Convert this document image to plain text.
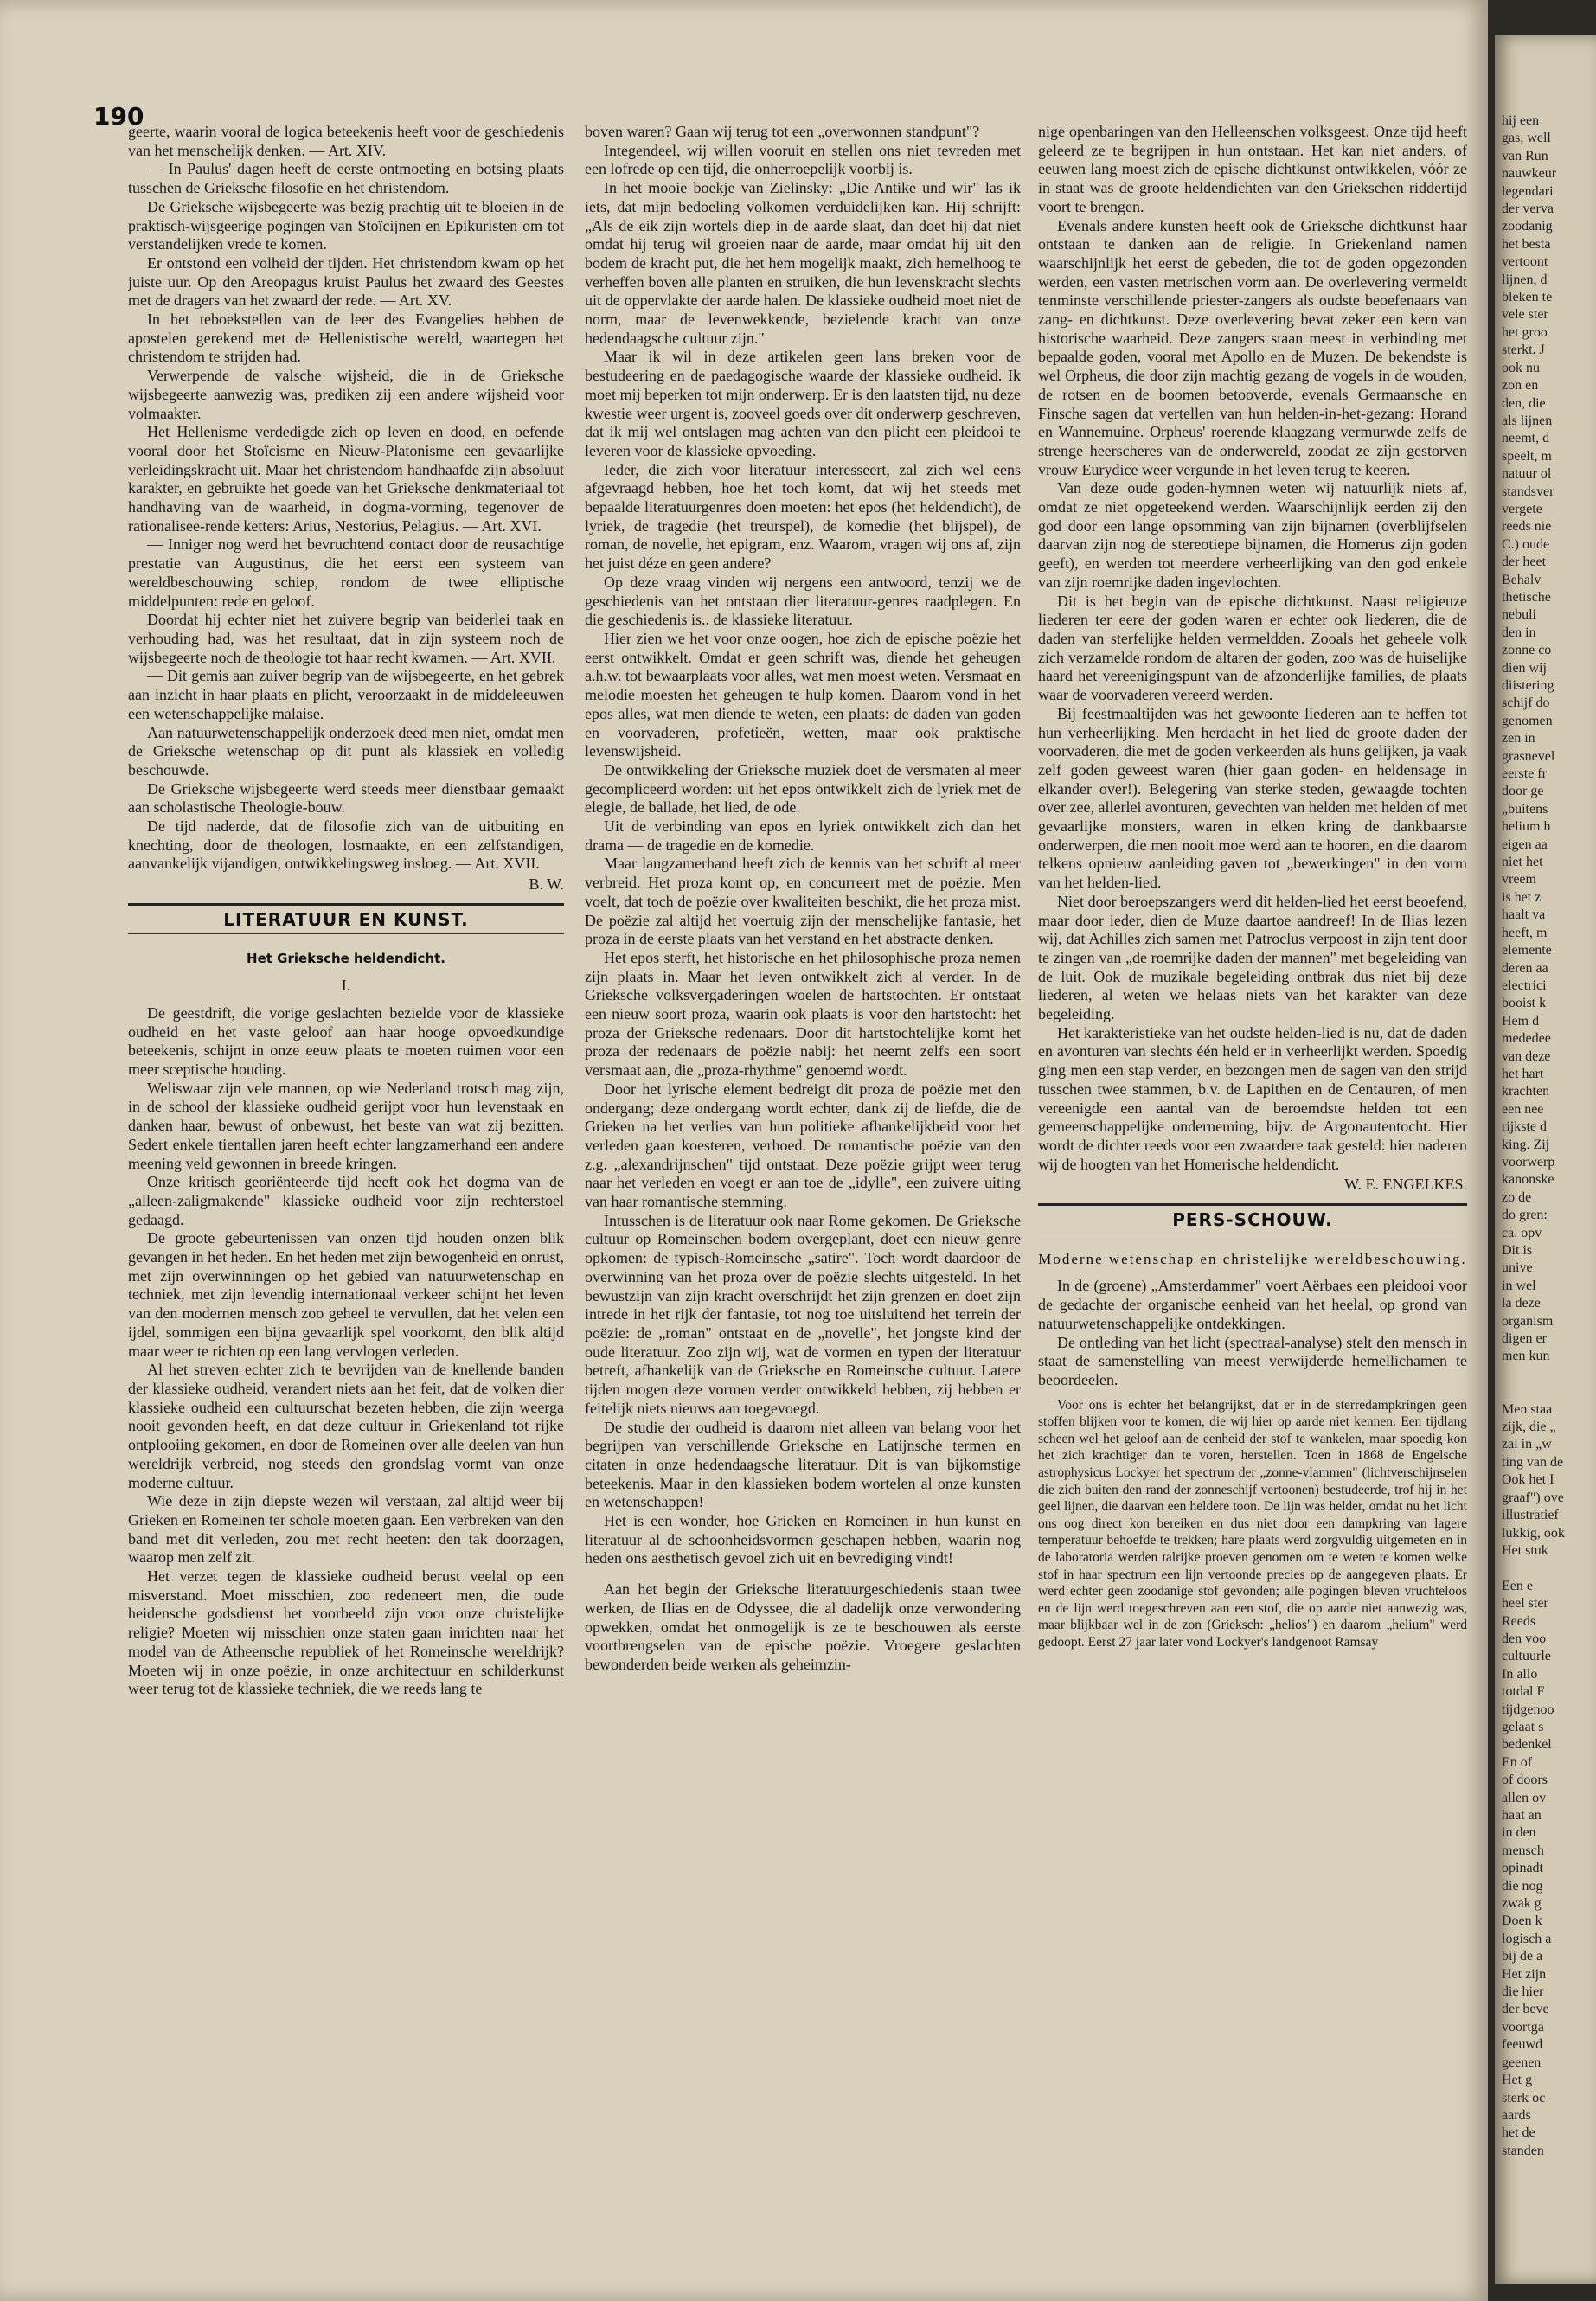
190

geerte, waarin vooral de logica beteekenis heeft voor de geschiedenis van het menschelijk denken. — Art. XIV.

— In Paulus' dagen heeft de eerste ontmoeting en botsing plaats tusschen de Grieksche filosofie en het christendom.

De Grieksche wijsbegeerte was bezig prachtig uit te bloeien in de praktisch-wijsgeerige pogingen van Stoïcijnen en Epikuristen om tot verstandelijken vrede te komen.

Er ontstond een volheid der tijden. Het christendom kwam op het juiste uur. Op den Areopagus kruist Paulus het zwaard des Geestes met de dragers van het zwaard der rede. — Art. XV.

In het teboekstellen van de leer des Evangelies hebben de apostelen gerekend met de Hellenistische wereld, waartegen het christendom te strijden had.

Verwerpende de valsche wijsheid, die in de Grieksche wijsbegeerte aanwezig was, prediken zij een andere wijsheid voor volmaakter.

Het Hellenisme verdedigde zich op leven en dood, en oefende vooral door het Stoïcisme en Nieuw-Platonisme een gevaarlijke verleidingskracht uit. Maar het christendom handhaafde zijn absoluut karakter, en gebruikte het goede van het Grieksche denkmateriaal tot handhaving van de waarheid, in dogma-vorming, tegenover de rationalisee-rende ketters: Arius, Nestorius, Pelagius. — Art. XVI.

— Inniger nog werd het bevruchtend contact door de reusachtige prestatie van Augustinus, die het eerst een systeem van wereldbeschouwing schiep, rondom de twee elliptische middelpunten: rede en geloof.

Doordat hij echter niet het zuivere begrip van beiderlei taak en verhouding had, was het resultaat, dat in zijn systeem noch de wijsbegeerte noch de theologie tot haar recht kwamen. — Art. XVII.

— Dit gemis aan zuiver begrip van de wijsbegeerte, en het gebrek aan inzicht in haar plaats en plicht, veroorzaakt in de middeleeuwen een wetenschappelijke malaise.

Aan natuurwetenschappelijk onderzoek deed men niet, omdat men de Grieksche wetenschap op dit punt als klassiek en volledig beschouwde.

De Grieksche wijsbegeerte werd steeds meer dienstbaar gemaakt aan scholastische Theologie-bouw.

De tijd naderde, dat de filosofie zich van de uitbuiting en knechting, door de theologen, losmaakte, en een zelfstandigen, aanvankelijk vijandigen, ontwikkelingsweg insloeg. — Art. XVII.

B. W.
LITERATUUR EN KUNST.
Het Grieksche heldendicht.
I.

De geestdrift, die vorige geslachten bezielde voor de klassieke oudheid en het vaste geloof aan haar hooge opvoedkundige beteekenis, schijnt in onze eeuw plaats te moeten ruimen voor een meer sceptische houding.

Weliswaar zijn vele mannen, op wie Nederland trotsch mag zijn, in de school der klassieke oudheid gerijpt voor hun levenstaak en danken haar, bewust of onbewust, het beste van wat zij bezitten. Sedert enkele tientallen jaren heeft echter langzamerhand een andere meening veld gewonnen in breede kringen.

Onze kritisch georiënteerde tijd heeft ook het dogma van de „alleen-zaligmakende" klassieke oudheid voor zijn rechterstoel gedaagd.

De groote gebeurtenissen van onzen tijd houden onzen blik gevangen in het heden. En het heden met zijn bewogenheid en onrust, met zijn overwinningen op het gebied van natuurwetenschap en techniek, met zijn levendig internationaal verkeer schijnt het leven van den modernen mensch zoo geheel te vervullen, dat het velen een ijdel, sommigen een bijna gevaarlijk spel voorkomt, den blik altijd maar weer te richten op een lang vervlogen verleden.

Al het streven echter zich te bevrijden van de knellende banden der klassieke oudheid, verandert niets aan het feit, dat de volken dier klassieke oudheid een cultuurschat bezeten hebben, die zijn weerga nooit gevonden heeft, en dat deze cultuur in Griekenland tot rijke ontplooiing gekomen, en door de Romeinen over alle deelen van hun wereldrijk verbreid, nog steeds den grondslag vormt van onze moderne cultuur.

Wie deze in zijn diepste wezen wil verstaan, zal altijd weer bij Grieken en Romeinen ter schole moeten gaan. Een verbreken van den band met dit verleden, zou met recht heeten: den tak doorzagen, waarop men zelf zit.

Het verzet tegen de klassieke oudheid berust veelal op een misverstand. Moet misschien, zoo redeneert men, die oude heidensche godsdienst het voorbeeld zijn voor onze christelijke religie? Moeten wij misschien onze staten gaan inrichten naar het model van de Atheensche republiek of het Romeinsche wereldrijk? Moeten wij in onze poëzie, in onze architectuur en schilderkunst weer terug tot de klassieke techniek, die we reeds lang te

boven waren? Gaan wij terug tot een „overwonnen standpunt"?

Integendeel, wij willen vooruit en stellen ons niet tevreden met een lofrede op een tijd, die onherroepelijk voorbij is.

In het mooie boekje van Zielinsky: „Die Antike und wir" las ik iets, dat mijn bedoeling volkomen verduidelijken kan. Hij schrijft: „Als de eik zijn wortels diep in de aarde slaat, dan doet hij dat niet omdat hij terug wil groeien naar de aarde, maar omdat hij uit den bodem de kracht put, die het hem mogelijk maakt, zich hemelhoog te verheffen boven alle planten en struiken, die hun levenskracht slechts uit de oppervlakte der aarde halen. De klassieke oudheid moet niet de norm, maar de levenwekkende, bezielende kracht van onze hedendaagsche cultuur zijn."

Maar ik wil in deze artikelen geen lans breken voor de bestudeering en de paedagogische waarde der klassieke oudheid. Ik moet mij beperken tot mijn onderwerp. Er is den laatsten tijd, nu deze kwestie weer urgent is, zooveel goeds over dit onderwerp geschreven, dat ik mij wel ontslagen mag achten van den plicht een pleidooi te leveren voor de klassieke opvoeding.

Ieder, die zich voor literatuur interesseert, zal zich wel eens afgevraagd hebben, hoe het toch komt, dat wij het steeds met bepaalde literatuurgenres doen moeten: het epos (het heldendicht), de lyriek, de tragedie (het treurspel), de komedie (het blijspel), de roman, de novelle, het epigram, enz. Waarom, vragen wij ons af, zijn het juist déze en geen andere?

Op deze vraag vinden wij nergens een antwoord, tenzij we de geschiedenis van het ontstaan dier literatuur-genres raadplegen. En die geschiedenis is.. de klassieke literatuur.

Hier zien we het voor onze oogen, hoe zich de epische poëzie het eerst ontwikkelt. Omdat er geen schrift was, diende het geheugen a.h.w. tot bewaarplaats voor alles, wat men moest weten. Versmaat en melodie moesten het geheugen te hulp komen. Daarom vond in het epos alles, wat men diende te weten, een plaats: de daden van goden en voorvaderen, profetieën, wetten, maar ook praktische levenswijsheid.

De ontwikkeling der Grieksche muziek doet de versmaten al meer gecompliceerd worden: uit het epos ontwikkelt zich de lyriek met de elegie, de ballade, het lied, de ode.

Uit de verbinding van epos en lyriek ontwikkelt zich dan het drama — de tragedie en de komedie.

Maar langzamerhand heeft zich de kennis van het schrift al meer verbreid. Het proza komt op, en concurreert met de poëzie. Men voelt, dat toch de poëzie over kwaliteiten beschikt, die het proza mist. De poëzie zal altijd het voertuig zijn der menschelijke fantasie, het proza in de eerste plaats van het verstand en het abstracte denken.

Het epos sterft, het historische en het philosophische proza nemen zijn plaats in. Maar het leven ontwikkelt zich al verder. In de Grieksche volksvergaderingen woelen de hartstochten. Er ontstaat een nieuw soort proza, waarin ook plaats is voor den hartstocht: het proza der Grieksche redenaars. Door dit hartstochtelijke komt het proza der redenaars de poëzie nabij: het neemt zelfs een soort versmaat aan, die „proza-rhythme" genoemd wordt.

Door het lyrische element bedreigt dit proza de poëzie met den ondergang; deze ondergang wordt echter, dank zij de liefde, die de Grieken na het verlies van hun politieke afhankelijkheid voor het verleden gaan koesteren, verhoed. De romantische poëzie van den z.g. „alexandrijnschen" tijd ontstaat. Deze poëzie grijpt weer terug naar het verleden en voegt er aan toe de „idylle", een zuivere uiting van haar romantische stemming.

Intusschen is de literatuur ook naar Rome gekomen. De Grieksche cultuur op Romeinschen bodem overgeplant, doet een nieuw genre opkomen: de typisch-Romeinsche „satire". Toch wordt daardoor de overwinning van het proza over de poëzie slechts uitgesteld. In het bewustzijn van zijn kracht overschrijdt het zijn grenzen en doet zijn intrede in het rijk der fantasie, tot nog toe uitsluitend het terrein der poëzie: de „roman" ontstaat en de „novelle", het jongste kind der oude literatuur. Zoo zijn wij, wat de vormen en typen der literatuur betreft, afhankelijk van de Grieksche en Romeinsche cultuur. Latere tijden mogen deze vormen verder ontwikkeld hebben, zij hebben er feitelijk niets nieuws aan toegevoegd.

De studie der oudheid is daarom niet alleen van belang voor het begrijpen van verschillende Grieksche en Latijnsche termen en citaten in onze hedendaagsche literatuur. Dit is van bijkomstige beteekenis. Maar in den klassieken bodem wortelen al onze kunsten en wetenschappen!

Het is een wonder, hoe Grieken en Romeinen in hun kunst en literatuur al de schoonheidsvormen geschapen hebben, waarin nog heden ons aesthetisch gevoel zich uit en bevrediging vindt!

Aan het begin der Grieksche literatuurgeschiedenis staan twee werken, de Ilias en de Odyssee, die al dadelijk onze verwondering opwekken, omdat het onmogelijk is ze te beschouwen als eerste voortbrengselen van de epische poëzie. Vroegere geslachten bewonderden beide werken als geheimzin-

nige openbaringen van den Helleenschen volksgeest. Onze tijd heeft geleerd ze te begrijpen in hun ontstaan. Het kan niet anders, of eeuwen lang moest zich de epische dichtkunst ontwikkelen, vóór ze in staat was de groote heldendichten van den Griekschen riddertijd voort te brengen.

Evenals andere kunsten heeft ook de Grieksche dichtkunst haar ontstaan te danken aan de religie. In Griekenland namen waarschijnlijk het eerst de gebeden, die tot de goden opgezonden werden, een vasten metrischen vorm aan. De overlevering vermeldt tenminste verschillende priester-zangers als oudste beoefenaars van zang- en dichtkunst. Deze overlevering bevat zeker een kern van historische waarheid. Deze zangers staan meest in verbinding met bepaalde goden, vooral met Apollo en de Muzen. De bekendste is wel Orpheus, die door zijn machtig gezang de vogels in de wouden, de rotsen en de boomen betooverde, evenals Germaansche en Finsche sagen dat vertellen van hun helden-in-het-gezang: Horand en Wannemuine. Orpheus' roerende klaagzang vermurwde zelfs de strenge heerscheres van de onderwereld, zoodat ze zijn gestorven vrouw Eurydice weer vergunde in het leven terug te keeren.

Van deze oude goden-hymnen weten wij natuurlijk niets af, omdat ze niet opgeteekend werden. Waarschijnlijk eerden zij den god door een lange opsomming van zijn bijnamen (overblijfselen daarvan zijn nog de stereotiepe bijnamen, die Homerus zijn goden geeft), en werden tot meerdere verheerlijking van den god enkele van zijn roemrijke daden ingevlochten.

Dit is het begin van de epische dichtkunst. Naast religieuze liederen ter eere der goden waren er echter ook liederen, die de daden van sterfelijke helden vermeldden. Zooals het geheele volk zich verzamelde rondom de altaren der goden, zoo was de huiselijke haard het vereenigingspunt van de afzonderlijke families, de plaats waar de voorvaderen vereerd werden.

Bij feestmaaltijden was het gewoonte liederen aan te heffen tot hun verheerlijking. Men herdacht in het lied de groote daden der voorvaderen, die met de goden verkeerden als huns gelijken, ja vaak zelf goden geweest waren (hier gaan goden- en heldensage in elkander over!). Belegering van sterke steden, gewaagde tochten over zee, allerlei avonturen, gevechten van helden met helden of met gevaarlijke monsters, waren in elken kring de dankbaarste onderwerpen, die men nooit moe werd aan te hooren, en die daarom telkens opnieuw aanleiding gaven tot „bewerkingen" in den vorm van het helden-lied.

Niet door beroepszangers werd dit helden-lied het eerst beoefend, maar door ieder, dien de Muze daartoe aandreef! In de Ilias lezen wij, dat Achilles zich samen met Patroclus verpoost in zijn tent door te zingen van „de roemrijke daden der mannen" met begeleiding van de luit. Ook de muzikale begeleiding ontbrak dus niet bij deze liederen, al weten we helaas niets van het karakter van deze begeleiding.

Het karakteristieke van het oudste helden-lied is nu, dat de daden en avonturen van slechts één held er in verheerlijkt werden. Spoedig ging men een stap verder, en bezongen men de sagen van den strijd tusschen twee stammen, b.v. de Lapithen en de Centauren, of men vereenigde een aantal van de beroemdste helden tot een gemeenschappelijke onderneming, bijv. de Argonautentocht. Hier wordt de dichter reeds voor een zwaardere taak gesteld: hier naderen wij de hoogten van het Homerische heldendicht.

W. E. ENGELKES.
PERS-SCHOUW.
Moderne wetenschap en christelijke wereldbeschouwing.

In de (groene) „Amsterdammer" voert Aërbaes een pleidooi voor de gedachte der organische eenheid van het heelal, op grond van natuurwetenschappelijke ontdekkingen.

De ontleding van het licht (spectraal-analyse) stelt den mensch in staat de samenstelling van meest verwijderde hemellichamen te beoordeelen.

Voor ons is echter het belangrijkst, dat er in de sterredampkringen geen stoffen blijken voor te komen, die wij hier op aarde niet kennen. Een tijdlang scheen wel het geloof aan de eenheid der stof te wankelen, maar spoedig kon het zich krachtiger dan te voren, herstellen. Toen in 1868 de Engelsche astrophysicus Lockyer het spectrum der „zonne-vlammen" (lichtverschijnselen die zich buiten den rand der zonneschijf vertoonen) bestudeerde, trof hij in het geel lijnen, die daarvan een heldere toon. De lijn was helder, omdat nu het licht ons oog direct kon bereiken en dus niet door een dampkring van lagere temperatuur behoefde te trekken; hare plaats werd zorgvuldig uitgemeten en in de laboratoria werden talrijke proeven genomen om te weten te komen welke stof in haar spectrum een lijn vertoonde precies op de aangegeven plaats. Er werd echter geen zoodanige stof gevonden; alle pogingen bleven vruchteloos en de lijn werd toegeschreven aan een stof, die op aarde niet aanwezig was, maar blijkbaar wel in de zon (Grieksch: „helios") en daarom „helium" werd gedoopt. Eerst 27 jaar later vond Lockyer's landgenoot Ramsay

hij een
gas, well
van Run
nauwkeur
legendari
der verva
zoodanig
het besta
vertoont
lijnen, d
bleken te
vele ster
het groo
sterkt. J
ook nu
zon en
den, die
als lijnen
neemt, d
speelt, m
natuur ol
standsver
vergete
reeds nie
C.) oude
der heet
Behalv
thetische
nebuli
den in
zonne co
dien wij
diistering
schijf do
genomen
zen in
grasnevel
eerste fr
door ge
„buitens
helium h
eigen aa
niet het
vreem
is het z
haalt va
heeft, m
elemente
deren aa
electrici
booist k
Hem d
mededee
van deze
het hart
krachten
een nee
rijkste d
king. Zij
voorwerp
kanonske
zo de
do gren:
ca. opv
Dit is
unive
in wel
la deze
organism
digen er
men kun

Men staa
zijk, die „
zal in „w
ting van de
Ook het I
graaf") ove
illustratief
lukkig, ook
Het stuk

Een e
heel ster
Reeds
den voo
cultuurle
In allo
totdal F
tijdgenoo
gelaat s
bedenkel
En of
of doors
allen ov
haat an
in den
mensch
opinadt
die nog
zwak g
Doen k
logisch a
bij de a
Het zijn
die hier
der beve
voortga
feeuwd
geenen
Het g
sterk oc
aards
het de
standen
